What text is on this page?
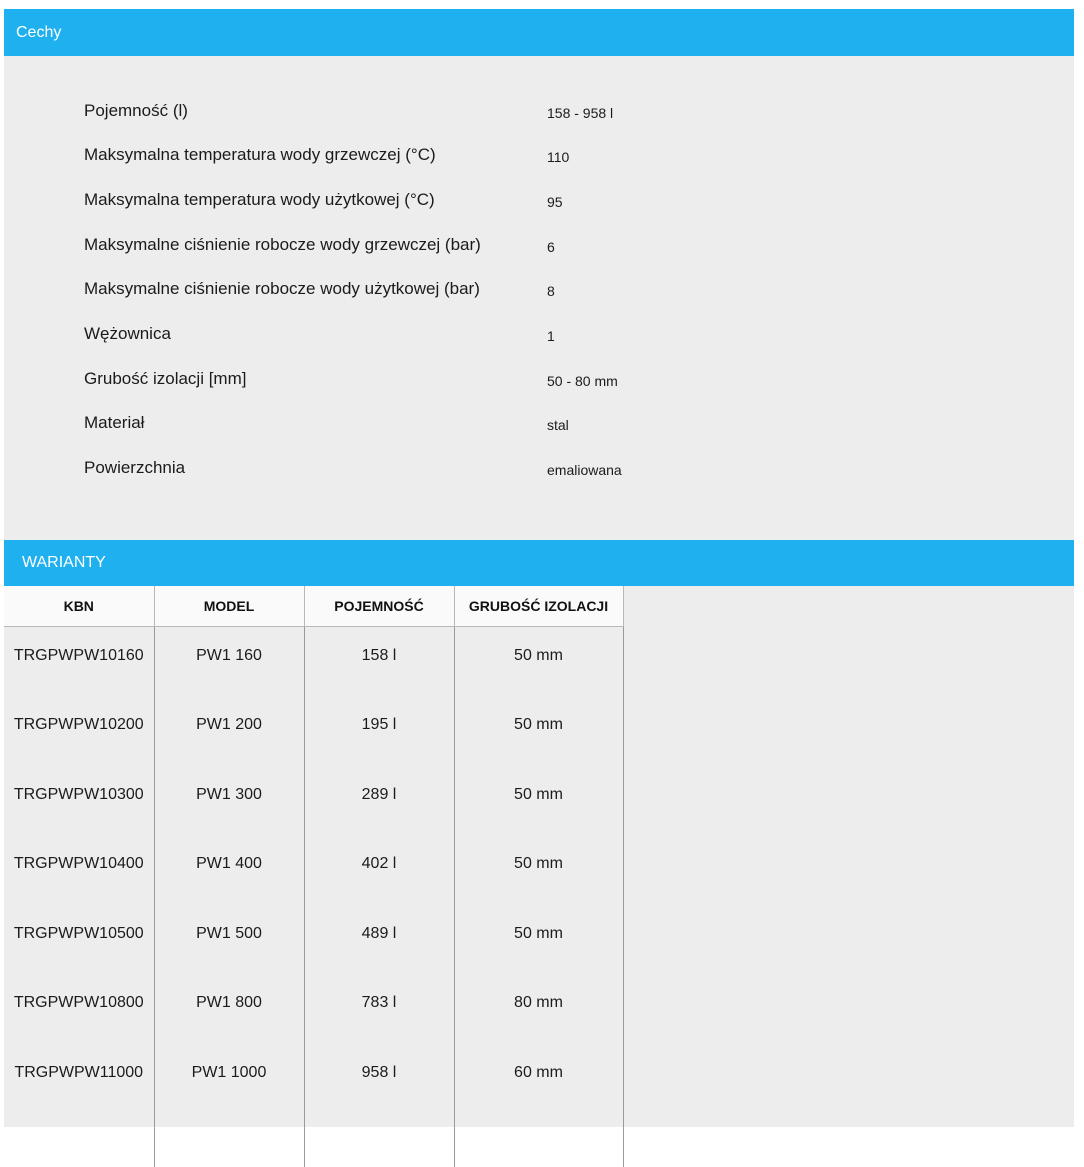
Cechy
Pojemność (l)	158 - 958 l
Maksymalna temperatura wody grzewczej (°C)	110
Maksymalna temperatura wody użytkowej (°C)	95
Maksymalne ciśnienie robocze wody grzewczej (bar)	6
Maksymalne ciśnienie robocze wody użytkowej (bar)	8
Wężownica	1
Grubość izolacji [mm]	50 - 80 mm
Materiał	stal
Powierzchnia	emaliowana
WARIANTY
KBN	MODEL	POJEMNOŚĆ	GRUBOŚĆ IZOLACJI
TRGPWPW10160	PW1 160	158 l	50 mm
TRGPWPW10200	PW1 200	195 l	50 mm
TRGPWPW10300	PW1 300	289 l	50 mm
TRGPWPW10400	PW1 400	402 l	50 mm
TRGPWPW10500	PW1 500	489 l	50 mm
TRGPWPW10800	PW1 800	783 l	80 mm
TRGPWPW11000	PW1 1000	958 l	60 mm
